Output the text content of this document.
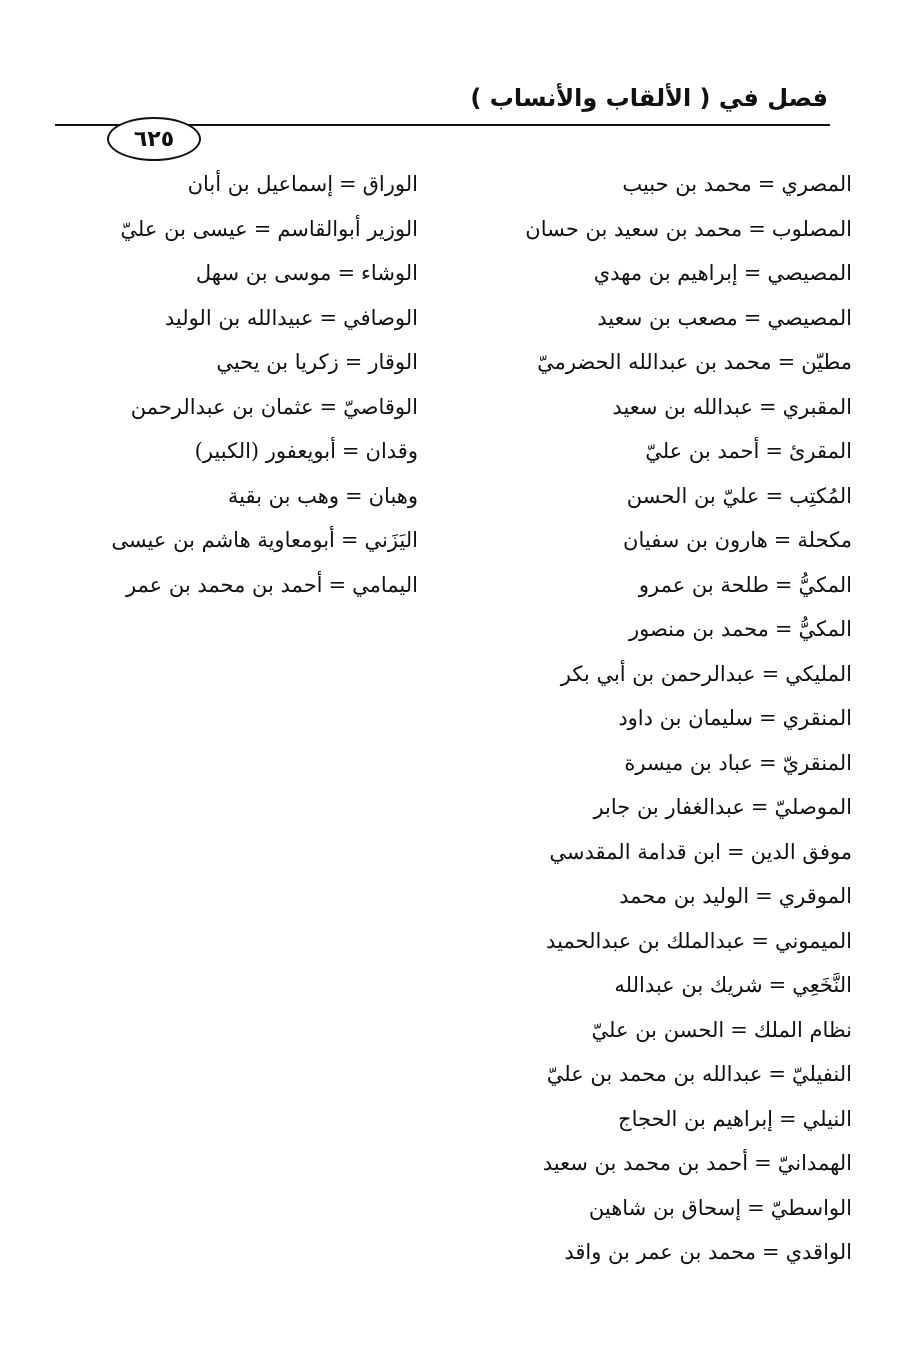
فصل في ( الألقاب والأنساب )
٦٢٥
المصري=محمد بن حبيب
المصلوب=محمد بن سعيد بن حسان
المصيصي=إبراهيم بن مهدي
المصيصي=مصعب بن سعيد
مطيّن=محمد بن عبدالله الحضرميّ
المقبري=عبدالله بن سعيد
المقرئ=أحمد بن عليّ
المُكتِب=عليّ بن الحسن
مكحلة=هارون بن سفيان
المكيُّ=طلحة بن عمرو
المكيُّ=محمد بن منصور
المليكي=عبدالرحمن بن أبي بكر
المنقري=سليمان بن داود
المنقريّ=عباد بن ميسرة
الموصليّ=عبدالغفار بن جابر
موفق الدين=ابن قدامة المقدسي
الموقري=الوليد بن محمد
الميموني=عبدالملك بن عبدالحميد
النَّخَعِي=شريك بن عبدالله
نظام الملك=الحسن بن عليّ
النفيليّ=عبدالله بن محمد بن عليّ
النيلي=إبراهيم بن الحجاج
الهمدانيّ=أحمد بن محمد بن سعيد
الواسطيّ=إسحاق بن شاهين
الواقدي=محمد بن عمر بن واقد
الوراق=إسماعيل بن أبان
الوزير أبوالقاسم=عيسى بن عليّ
الوشاء=موسى بن سهل
الوصافي=عبيدالله بن الوليد
الوقار=زكريا بن يحيي
الوقاصيّ=عثمان بن عبدالرحمن
وقدان=أبويعفور (الكبير)
وهبان=وهب بن بقية
اليَزَني=أبومعاوية هاشم بن عيسى
اليمامي=أحمد بن محمد بن عمر
